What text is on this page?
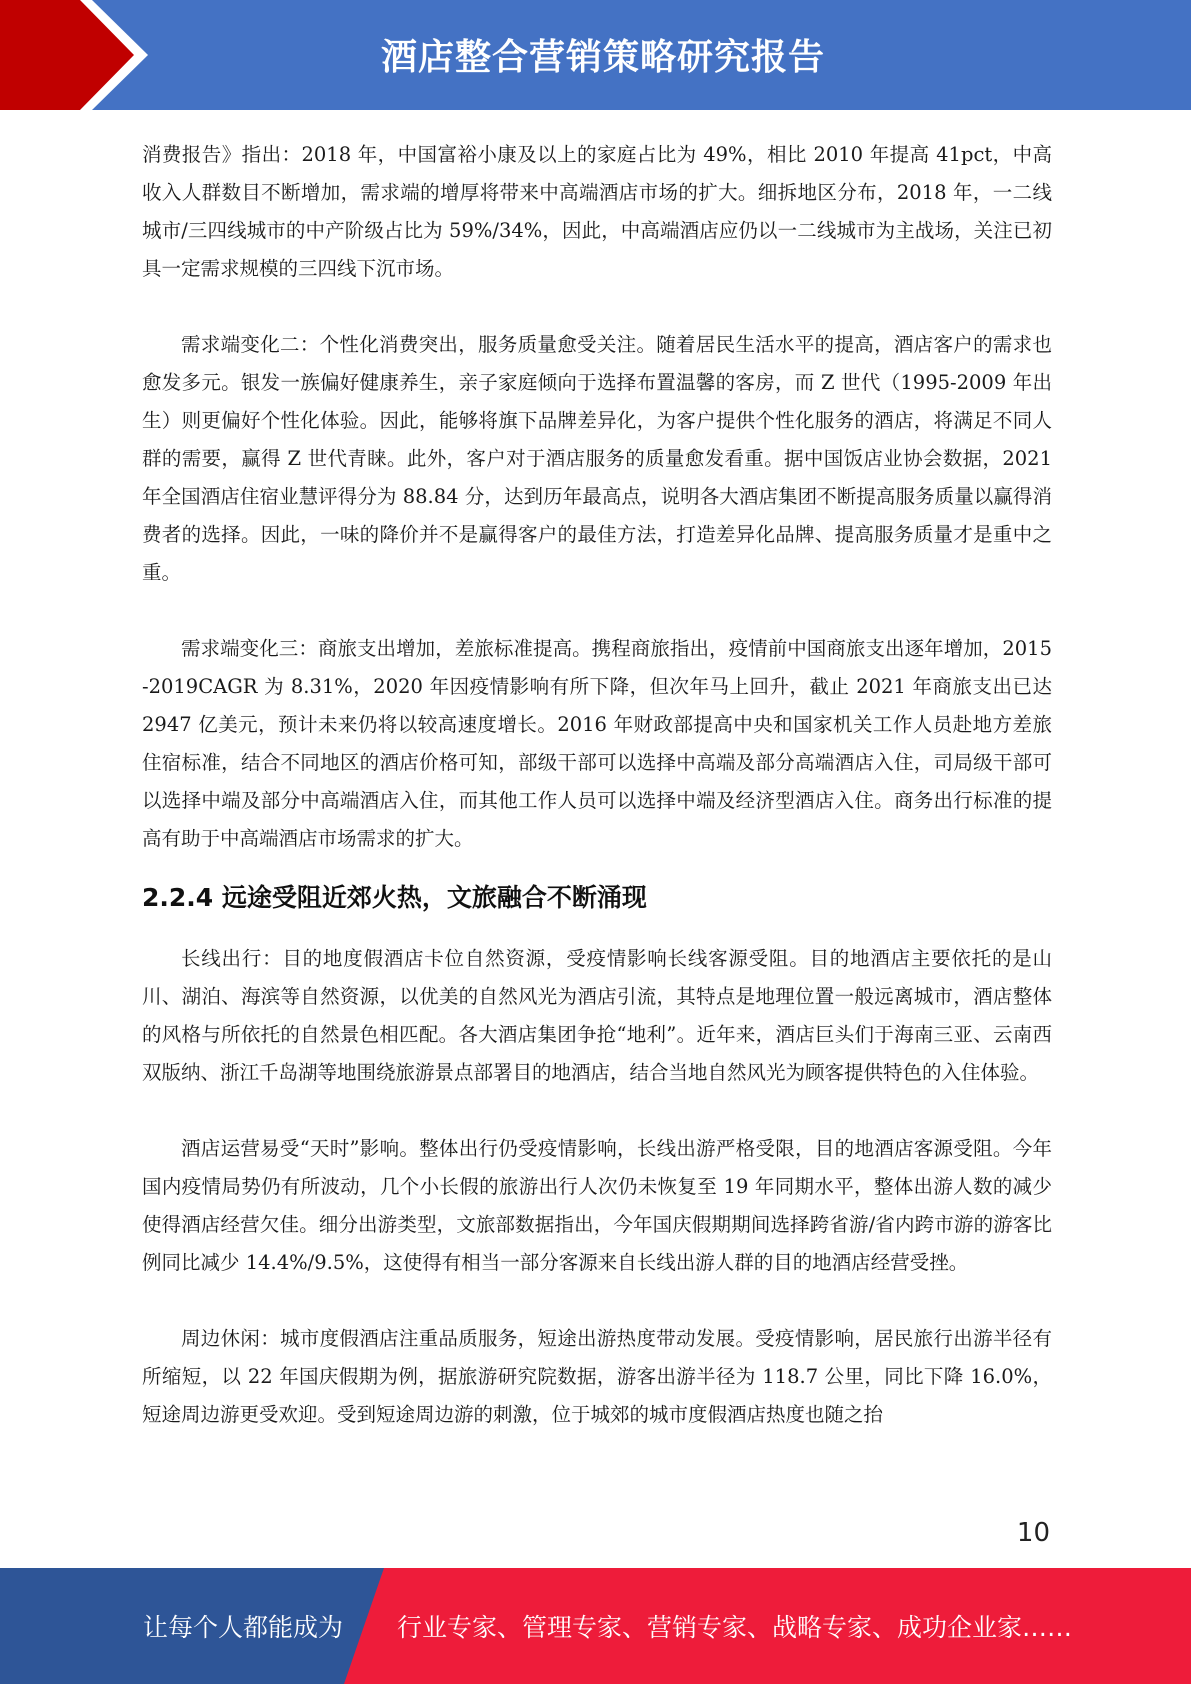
酒店整合营销策略研究报告

消费报告》指出：2018 年，中国富裕小康及以上的家庭占比为 49%，相比 2010 年提高 41pct，中高收入人群数目不断增加，需求端的增厚将带来中高端酒店市场的扩大。细拆地区分布，2018 年，一二线城市/三四线城市的中产阶级占比为 59%/34%，因此，中高端酒店应仍以一二线城市为主战场，关注已初具一定需求规模的三四线下沉市场。

需求端变化二：个性化消费突出，服务质量愈受关注。随着居民生活水平的提高，酒店客户的需求也愈发多元。银发一族偏好健康养生，亲子家庭倾向于选择布置温馨的客房，而 Z 世代（1995-2009 年出生）则更偏好个性化体验。因此，能够将旗下品牌差异化，为客户提供个性化服务的酒店，将满足不同人群的需要，赢得 Z 世代青睐。此外，客户对于酒店服务的质量愈发看重。据中国饭店业协会数据，2021 年全国酒店住宿业慧评得分为 88.84 分，达到历年最高点，说明各大酒店集团不断提高服务质量以赢得消费者的选择。因此，一味的降价并不是赢得客户的最佳方法，打造差异化品牌、提高服务质量才是重中之重。

需求端变化三：商旅支出增加，差旅标准提高。携程商旅指出，疫情前中国商旅支出逐年增加，2015-2019CAGR 为 8.31%，2020 年因疫情影响有所下降，但次年马上回升，截止 2021 年商旅支出已达 2947 亿美元，预计未来仍将以较高速度增长。2016 年财政部提高中央和国家机关工作人员赴地方差旅住宿标准，结合不同地区的酒店价格可知，部级干部可以选择中高端及部分高端酒店入住，司局级干部可以选择中端及部分中高端酒店入住，而其他工作人员可以选择中端及经济型酒店入住。商务出行标准的提高有助于中高端酒店市场需求的扩大。

2.2.4 远途受阻近郊火热，文旅融合不断涌现

长线出行：目的地度假酒店卡位自然资源，受疫情影响长线客源受阻。目的地酒店主要依托的是山川、湖泊、海滨等自然资源，以优美的自然风光为酒店引流，其特点是地理位置一般远离城市，酒店整体的风格与所依托的自然景色相匹配。各大酒店集团争抢“地利”。近年来，酒店巨头们于海南三亚、云南西双版纳、浙江千岛湖等地围绕旅游景点部署目的地酒店，结合当地自然风光为顾客提供特色的入住体验。

酒店运营易受“天时”影响。整体出行仍受疫情影响，长线出游严格受限，目的地酒店客源受阻。今年国内疫情局势仍有所波动，几个小长假的旅游出行人次仍未恢复至 19 年同期水平，整体出游人数的减少使得酒店经营欠佳。细分出游类型，文旅部数据指出，今年国庆假期期间选择跨省游/省内跨市游的游客比例同比减少 14.4%/9.5%，这使得有相当一部分客源来自长线出游人群的目的地酒店经营受挫。

周边休闲：城市度假酒店注重品质服务，短途出游热度带动发展。受疫情影响，居民旅行出游半径有所缩短，以 22 年国庆假期为例，据旅游研究院数据，游客出游半径为 118.7 公里，同比下降 16.0%，短途周边游更受欢迎。受到短途周边游的刺激，位于城郊的城市度假酒店热度也随之抬

10
让每个人都能成为 行业专家、管理专家、营销专家、战略专家、成功企业家……
